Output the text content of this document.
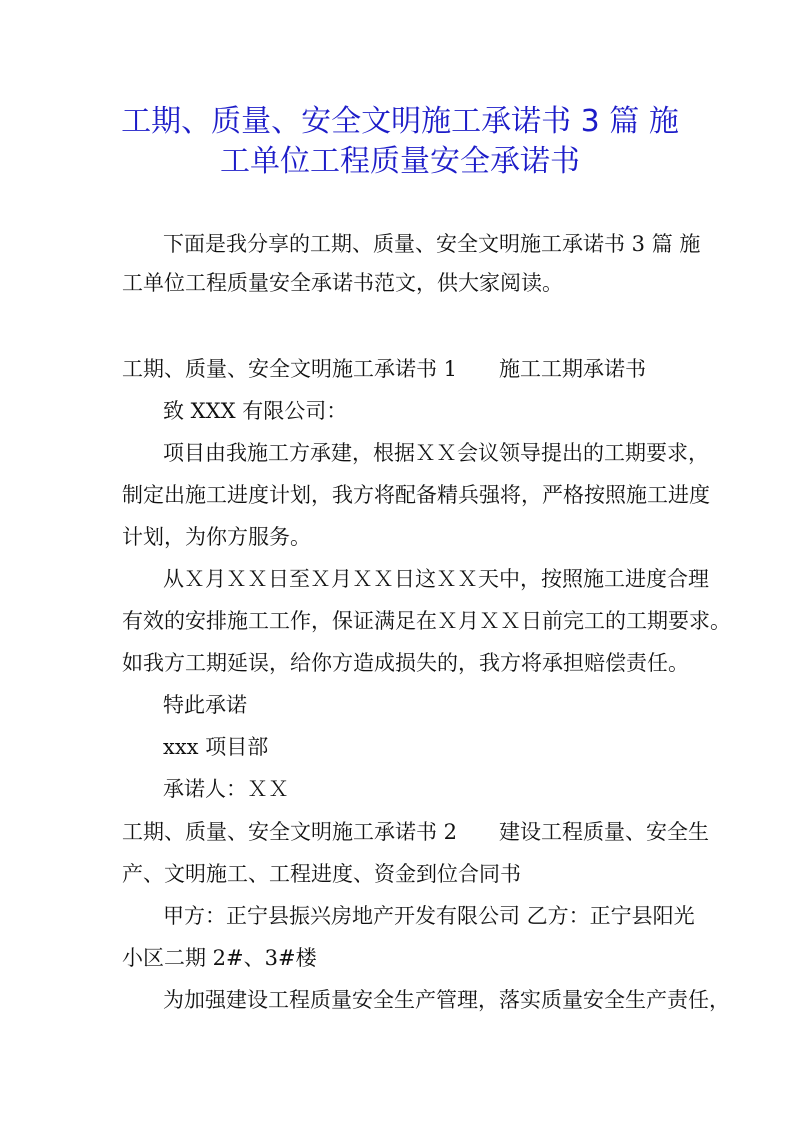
工期、质量、安全文明施工承诺书 3 篇 施
工单位工程质量安全承诺书
下面是我分享的工期、质量、安全文明施工承诺书 3 篇 施
工单位工程质量安全承诺书范文，供大家阅读。
工期、质量、安全文明施工承诺书 1 施工工期承诺书
致 XXX 有限公司：
项目由我施工方承建，根据ＸＸ会议领导提出的工期要求，
制定出施工进度计划，我方将配备精兵强将，严格按照施工进度
计划，为你方服务。
从Ｘ月ＸＸ日至Ｘ月ＸＸ日这ＸＸ天中，按照施工进度合理
有效的安排施工工作，保证满足在Ｘ月ＸＸ日前完工的工期要求。
如我方工期延误，给你方造成损失的，我方将承担赔偿责任。
特此承诺
xxx 项目部
承诺人：ＸＸ
工期、质量、安全文明施工承诺书 2 建设工程质量、安全生
产、文明施工、工程进度、资金到位合同书
甲方：正宁县振兴房地产开发有限公司 乙方：正宁县阳光
小区二期 2#、3#楼
为加强建设工程质量安全生产管理，落实质量安全生产责任，
